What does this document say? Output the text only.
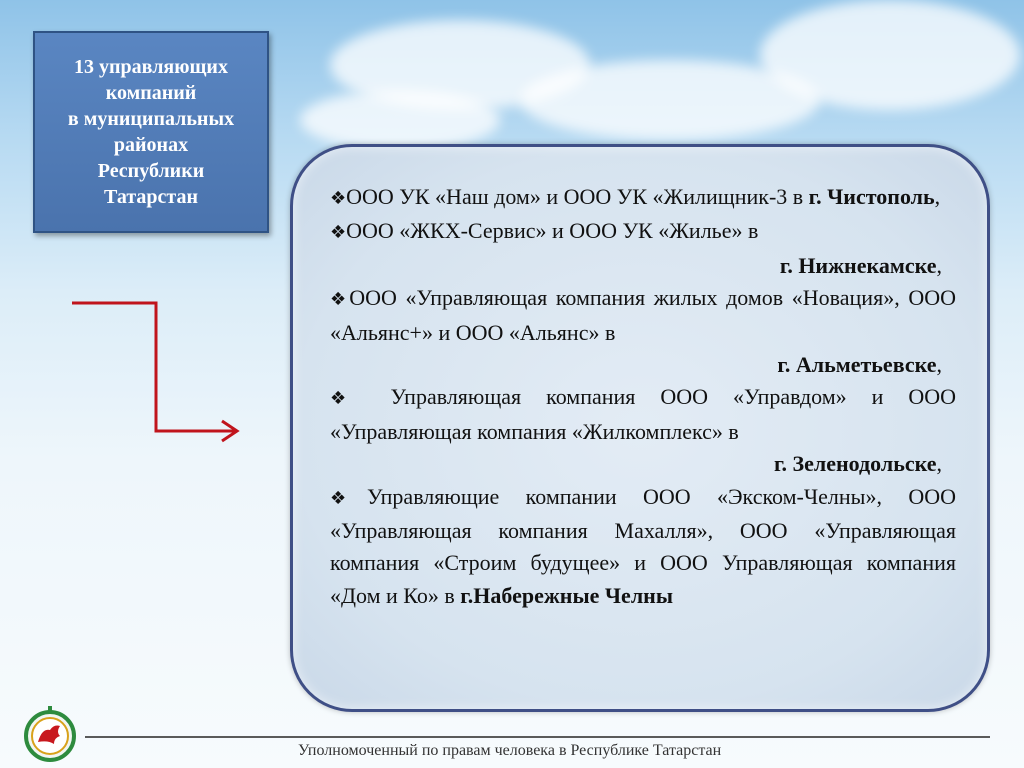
13 управляющих
компаний
в муниципальных
районах
Республики
Татарстан	❖ООО УК «Наш дом» и ООО УК «Жилищник-3 в г. Чистополь,

❖ООО «ЖКХ-Сервис» и ООО УК «Жилье» в

г. Нижнекамске,

❖ООО «Управляющая компания жилых домов «Новация», ООО «Альянс+» и ООО «Альянс» в

г. Альметьевске,

❖ Управляющая компания ООО «Управдом» и ООО «Управляющая компания «Жилкомплекс» в

г. Зеленодольске,

❖Управляющие компании ООО «Экском-Челны», ООО «Управляющая компания Махалля», ООО «Управляющая компания «Строим будущее» и ООО Управляющая компания «Дом и Ко» в г.Набережные Челны

Уполномоченный по правам человека в Республике Татарстан
